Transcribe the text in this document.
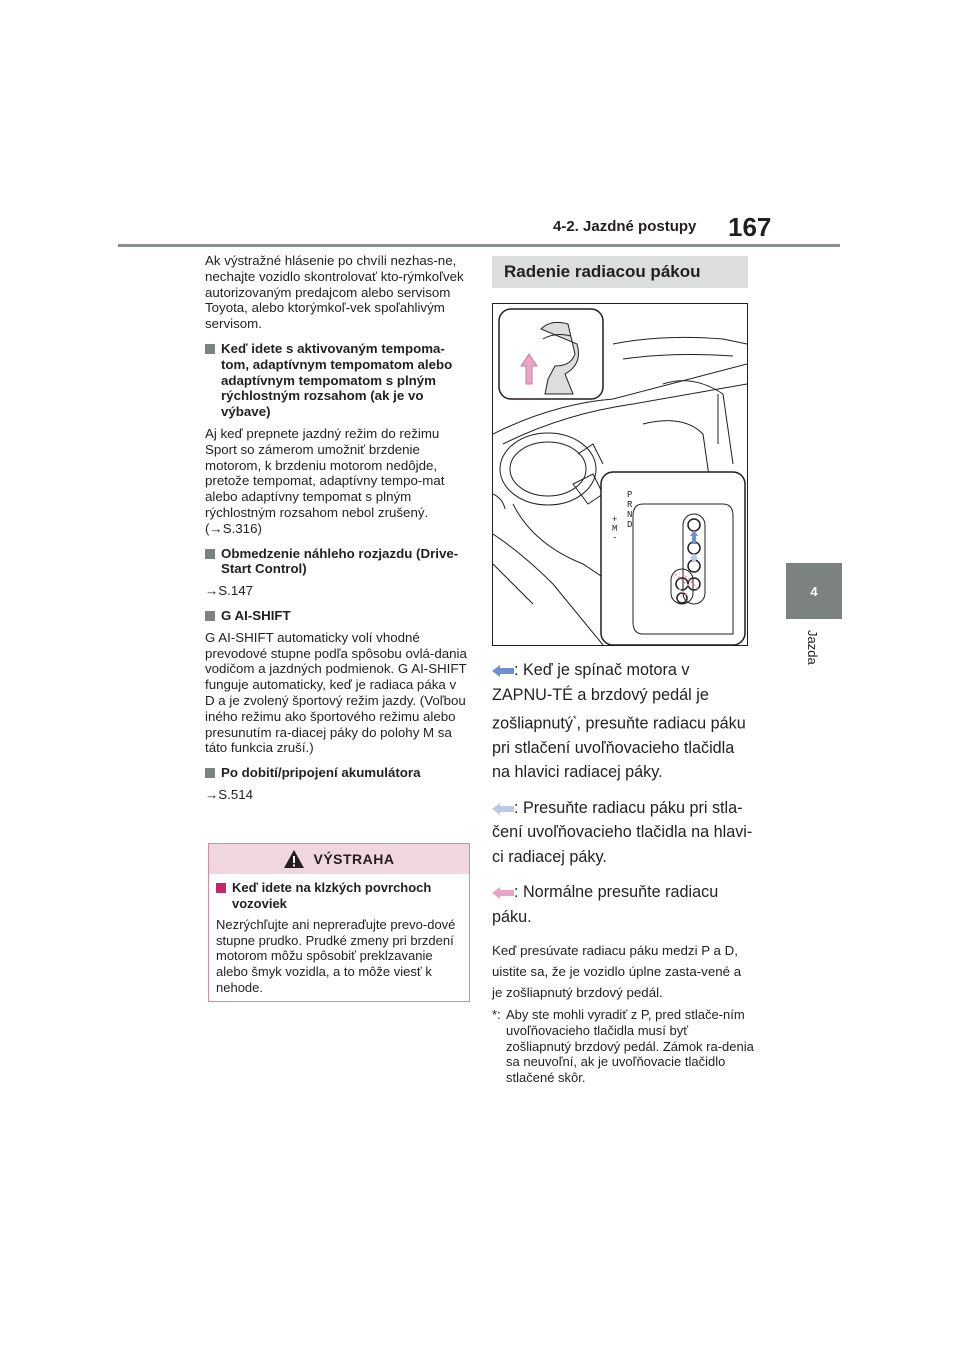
4-2. Jazdné postupy 167
4
Jazda

Ak výstražné hlásenie po chvíli nezhas-ne, nechajte vozidlo skontrolovať kto-rýmkoľvek autorizovaným predajcom alebo servisom Toyota, alebo ktorýmkoľ-vek spoľahlivým servisom.

Keď idete s aktivovaným tempoma-tom, adaptívnym tempomatom alebo adaptívnym tempomatom s plným rýchlostným rozsahom (ak je vo výbave)

Aj keď prepnete jazdný režim do režimu Sport so zámerom umožniť brzdenie motorom, k brzdeniu motorom nedôjde, pretože tempomat, adaptívny tempo-mat alebo adaptívny tempomat s plným rýchlostným rozsahom nebol zrušený. (→S.316)

Obmedzenie náhleho rozjazdu (Drive-Start Control)

→S.147

G AI-SHIFT

G AI-SHIFT automaticky volí vhodné prevodové stupne podľa spôsobu ovlá-dania vodičom a jazdných podmienok. G AI-SHIFT funguje automaticky, keď je radiaca páka v D a je zvolený športový režim jazdy. (Voľbou iného režimu ako športového režimu alebo presunutím ra-diacej páky do polohy M sa táto funkcia zruší.)

Po dobití/pripojení akumulátora

→S.514

VÝSTRAHA
Keď idete na klzkých povrchoch vozoviek
Nezrýchľujte ani nepreraďujte prevo-dové stupne prudko. Prudké zmeny pri brzdení motorom môžu spôsobiť preklzavanie alebo šmyk vozidla, a to môže viesť k nehode.
Radenie radiacou pákou
P
R
N
D
+
M
-

: Keď je spínač motora v ZAPNU-TÉ a brzdový pedál je zošliapnutý*, presuňte radiacu páku pri stlačení uvoľňovacieho tlačidla na hlavici radiacej páky.

: Presuňte radiacu páku pri stla-čení uvoľňovacieho tlačidla na hlavi-ci radiacej páky.

: Normálne presuňte radiacu páku.

Keď presúvate radiacu páku medzi P a D, uistite sa, že je vozidlo úplne zasta-vené a je zošliapnutý brzdový pedál.

*: Aby ste mohli vyradiť z P, pred stlače-ním uvoľňovacieho tlačidla musí byť zošliapnutý brzdový pedál. Zámok ra-denia sa neuvoľní, ak je uvoľňovacie tlačidlo stlačené skôr.
